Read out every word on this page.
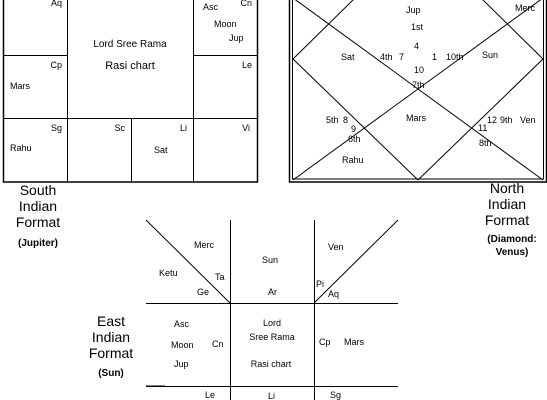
Aq	Cn
Asc
Moon
Jup
Lord Sree Rama
Rasi chart
Cp
Mars
Le
Sg
Rahu
Sc	Li
Sat
Vi
South
Indian
Format
(Jupiter)
Jup
1st
4
Merc
Sat	4th 7	1 10th Sun
10
7th
5th 8
9
6th
Mars	12 9th Ven
11
8th
Rahu
North
Indian
Format
(Diamond:
Venus)
Merc
Ketu	Ta
Ge
Sun
Ar
Ven
Pi
Aq
Asc
Moon
Jup
Cn
Lord
Sree Rama
Rasi chart
Cp Mars
Le	Li	Sg
East
Indian
Format
(Sun)
